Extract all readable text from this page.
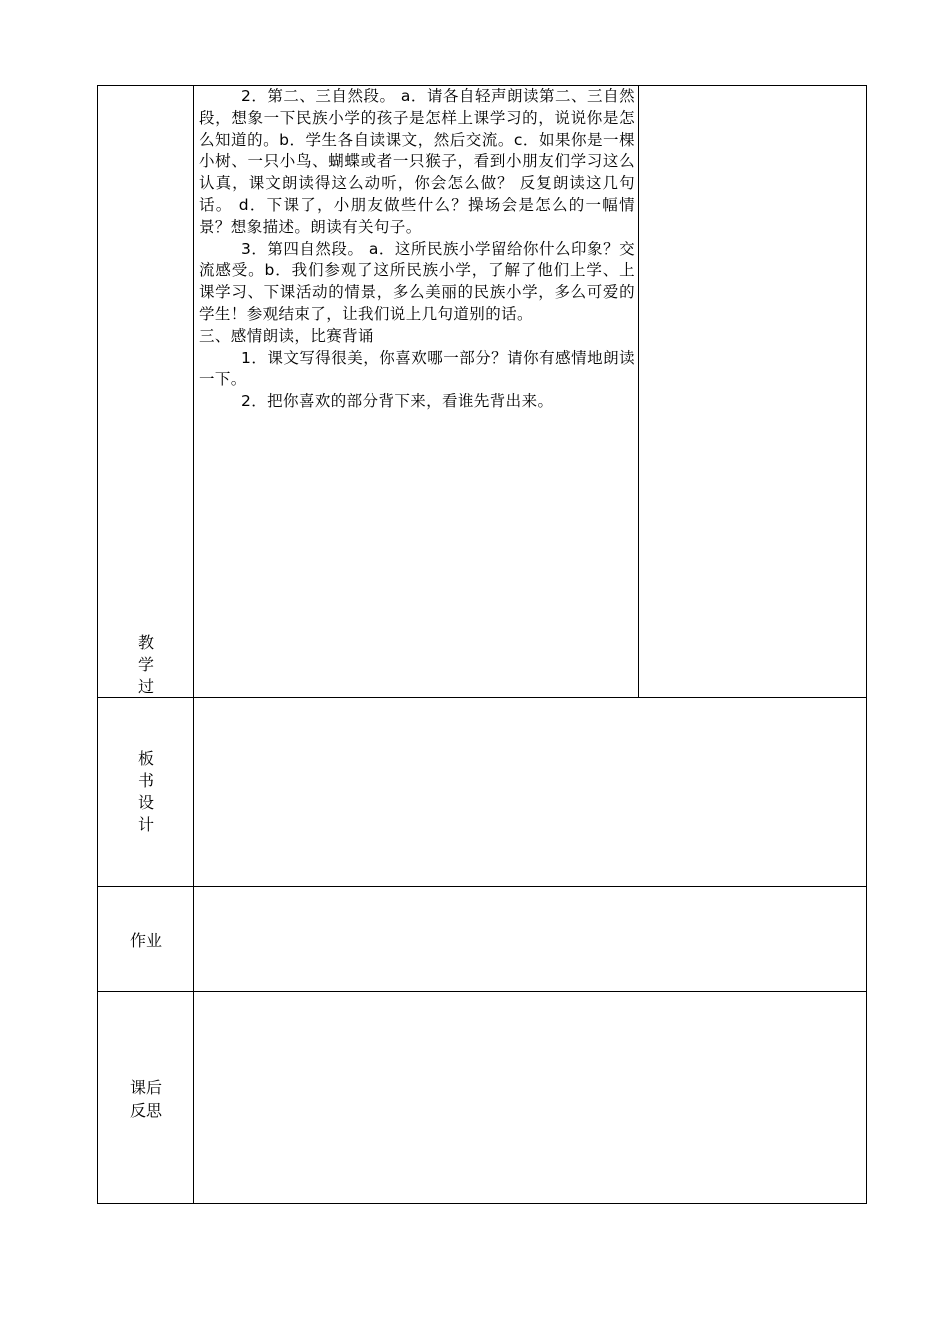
教学过

2．第二、三自然段。 a．请各自轻声朗读第二、三自然段，想象一下民族小学的孩子是怎样上课学习的，说说你是怎么知道的。b．学生各自读课文，然后交流。c．如果你是一棵小树、一只小鸟、蝴蝶或者一只猴子，看到小朋友们学习这么认真，课文朗读得这么动听，你会怎么做？ 反复朗读这几句话。 d．下课了，小朋友做些什么？操场会是怎么的一幅情景？想象描述。朗读有关句子。

3．第四自然段。 a．这所民族小学留给你什么印象？交流感受。b．我们参观了这所民族小学，了解了他们上学、上课学习、下课活动的情景，多么美丽的民族小学，多么可爱的学生！参观结束了，让我们说上几句道别的话。

三、感情朗读，比赛背诵

1．课文写得很美，你喜欢哪一部分？请你有感情地朗读一下。

2．把你喜欢的部分背下来，看谁先背出来。

板书设计
作业
课后反思
